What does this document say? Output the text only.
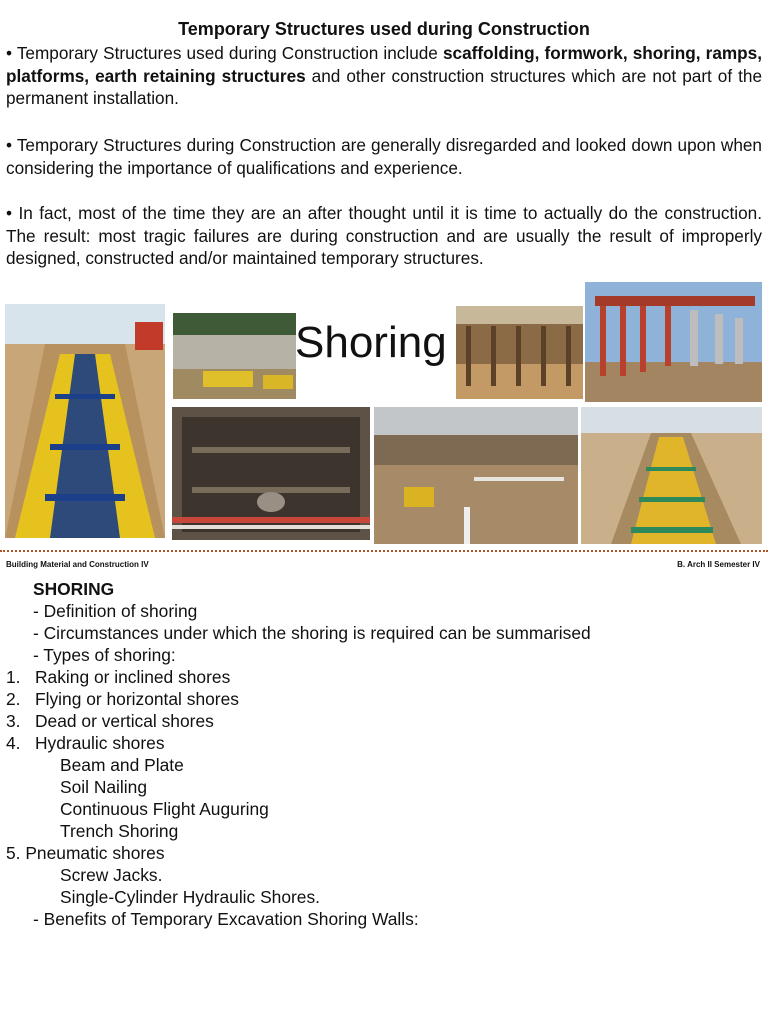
Temporary Structures used during Construction

• Temporary Structures used during Construction include scaffolding, formwork, shoring, ramps, platforms, earth retaining structures and other construction structures which are not part of the permanent installation.

• Temporary Structures during Construction are generally disregarded and looked down upon when considering the importance of qualifications and experience.

• In fact, most of the time they are an after thought until it is time to actually do the construction. The result: most tragic failures are during construction and are usually the result of improperly designed, constructed and/or maintained temporary structures.

Shoring
Building Material and Construction IV	B. Arch II Semester IV
SHORING
- Definition of shoring
- Circumstances under which the shoring is required can be summarised
- Types of shoring:
1.   Raking or inclined shores
2.   Flying or horizontal shores
3.   Dead or vertical shores
4.   Hydraulic shores
Beam and Plate
Soil Nailing
Continuous Flight Auguring
Trench Shoring
5. Pneumatic shores
Screw Jacks.
Single-Cylinder Hydraulic Shores.
- Benefits of Temporary Excavation Shoring Walls:
